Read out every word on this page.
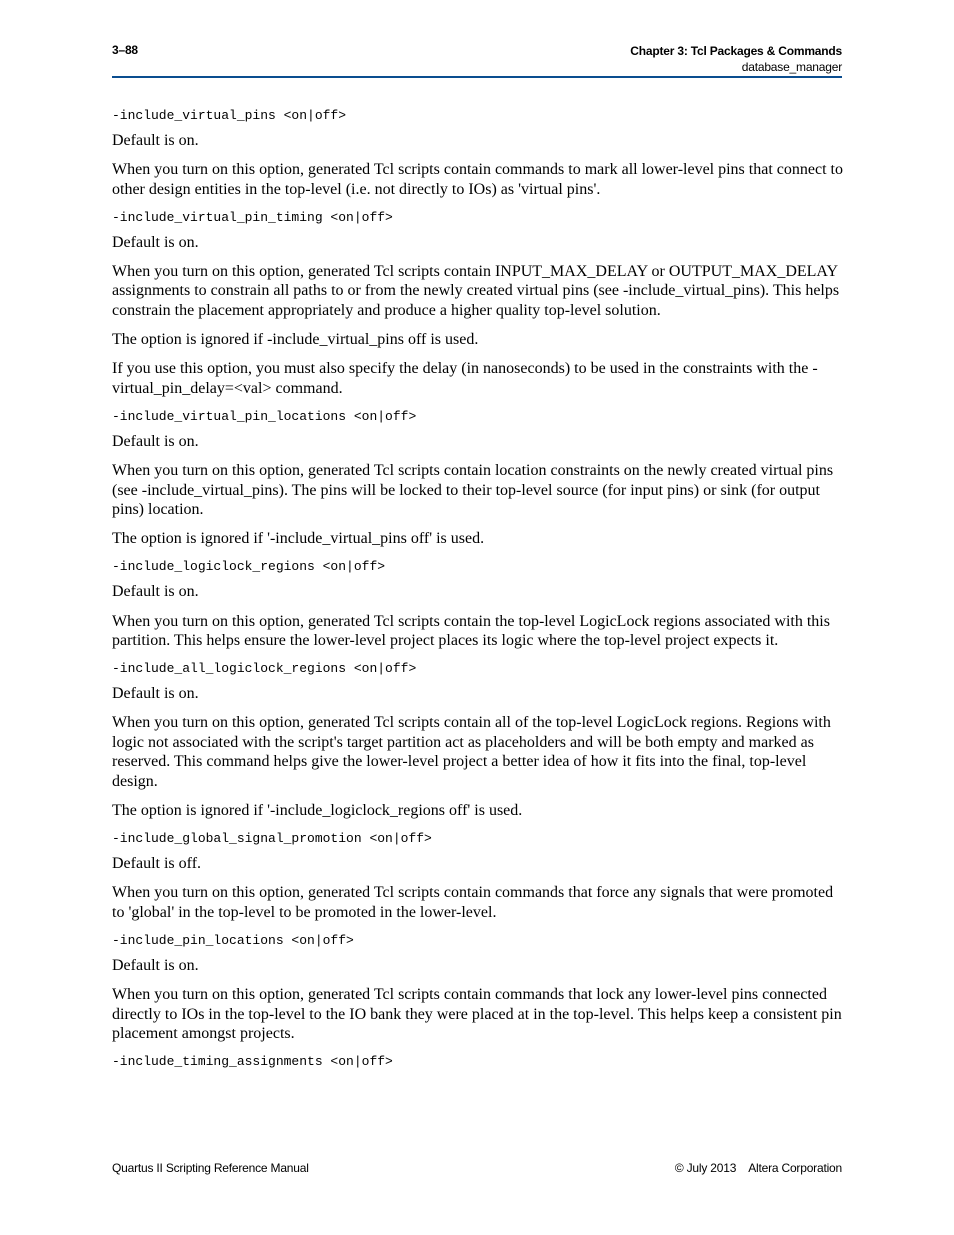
3–88	Chapter 3: Tcl Packages & Commands
database_manager
-include_virtual_pins <on|off>
Default is on.
When you turn on this option, generated Tcl scripts contain commands to mark all lower-level pins that connect to other design entities in the top-level (i.e. not directly to IOs) as 'virtual pins'.
-include_virtual_pin_timing <on|off>
Default is on.
When you turn on this option, generated Tcl scripts contain INPUT_MAX_DELAY or OUTPUT_MAX_DELAY assignments to constrain all paths to or from the newly created virtual pins (see -include_virtual_pins). This helps constrain the placement appropriately and produce a higher quality top-level solution.
The option is ignored if -include_virtual_pins off is used.
If you use this option, you must also specify the delay (in nanoseconds) to be used in the constraints with the -virtual_pin_delay=<val> command.
-include_virtual_pin_locations <on|off>
Default is on.
When you turn on this option, generated Tcl scripts contain location constraints on the newly created virtual pins (see -include_virtual_pins). The pins will be locked to their top-level source (for input pins) or sink (for output pins) location.
The option is ignored if '-include_virtual_pins off' is used.
-include_logiclock_regions <on|off>
Default is on.
When you turn on this option, generated Tcl scripts contain the top-level LogicLock regions associated with this partition. This helps ensure the lower-level project places its logic where the top-level project expects it.
-include_all_logiclock_regions <on|off>
Default is on.
When you turn on this option, generated Tcl scripts contain all of the top-level LogicLock regions. Regions with logic not associated with the script's target partition act as placeholders and will be both empty and marked as reserved. This command helps give the lower-level project a better idea of how it fits into the final, top-level design.
The option is ignored if '-include_logiclock_regions off' is used.
-include_global_signal_promotion <on|off>
Default is off.
When you turn on this option, generated Tcl scripts contain commands that force any signals that were promoted to 'global' in the top-level to be promoted in the lower-level.
-include_pin_locations <on|off>
Default is on.
When you turn on this option, generated Tcl scripts contain commands that lock any lower-level pins connected directly to IOs in the top-level to the IO bank they were placed at in the top-level. This helps keep a consistent pin placement amongst projects.
-include_timing_assignments <on|off>
Quartus II Scripting Reference Manual	© July 2013 Altera Corporation
